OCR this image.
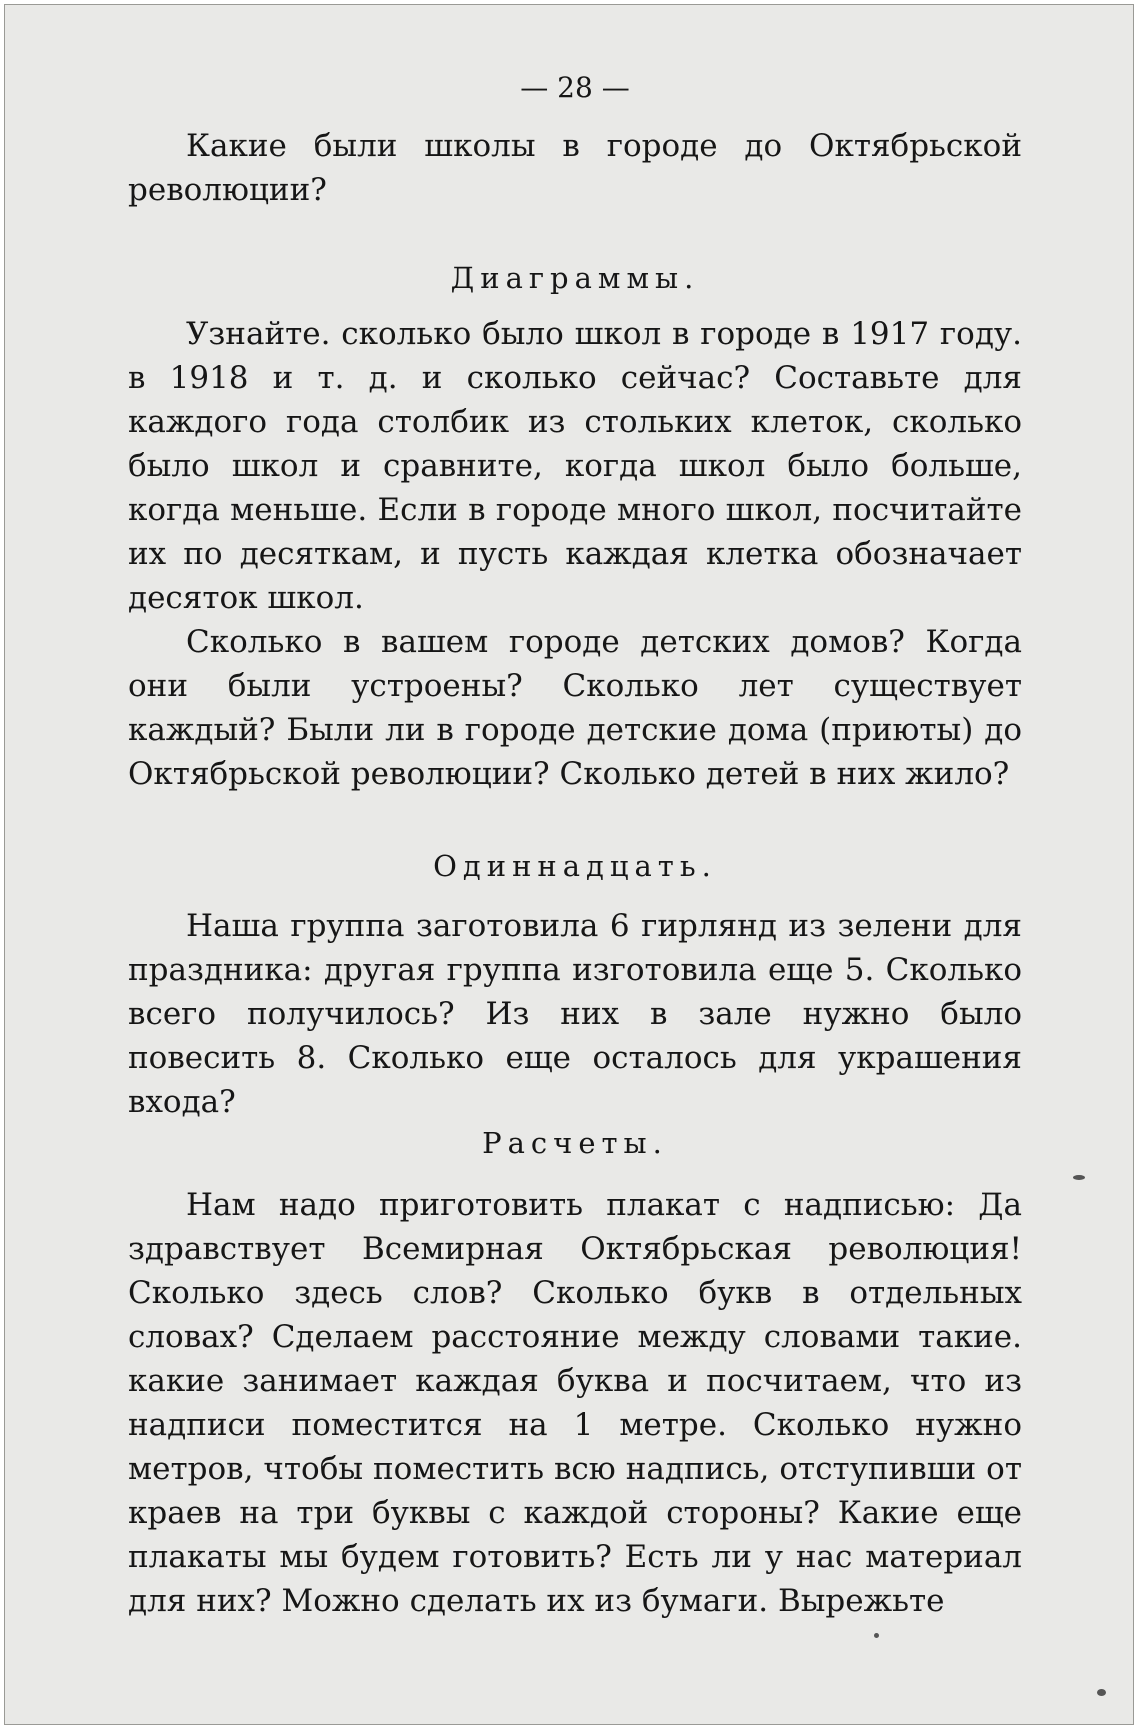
— 28 —

Какие были школы в городе до Октябрьской революции?

Диаграммы.

Узнайте. сколько было школ в городе в 1917 году. в 1918 и т. д. и сколько сейчас? Составьте для каждого года столбик из стольких клеток, сколько было школ и сравните, когда школ было больше, когда меньше. Если в городе много школ, посчитайте их по десяткам, и пусть каждая клетка обозначает десяток школ.

Сколько в вашем городе детских домов? Когда они были устроены? Сколько лет существует каждый? Были ли в городе детские дома (приюты) до Октябрьской революции? Сколько детей в них жило?

Одиннадцать.

Наша группа заготовила 6 гирлянд из зелени для праздника: другая группа изготовила еще 5. Сколько всего получилось? Из них в зале нужно было повесить 8. Сколько еще осталось для украшения входа?

Расчеты.

Нам надо приготовить плакат с надписью: Да здравствует Всемирная Октябрьская революция! Сколько здесь слов? Сколько букв в отдельных словах? Сделаем расстояние между словами такие. какие занимает каждая буква и посчитаем, что из надписи поместится на 1 метре. Сколько нужно метров, чтобы поместить всю надпись, отступивши от краев на три буквы с каждой стороны? Какие еще плакаты мы будем готовить? Есть ли у нас материал для них? Можно сделать их из бумаги. Вырежьте
